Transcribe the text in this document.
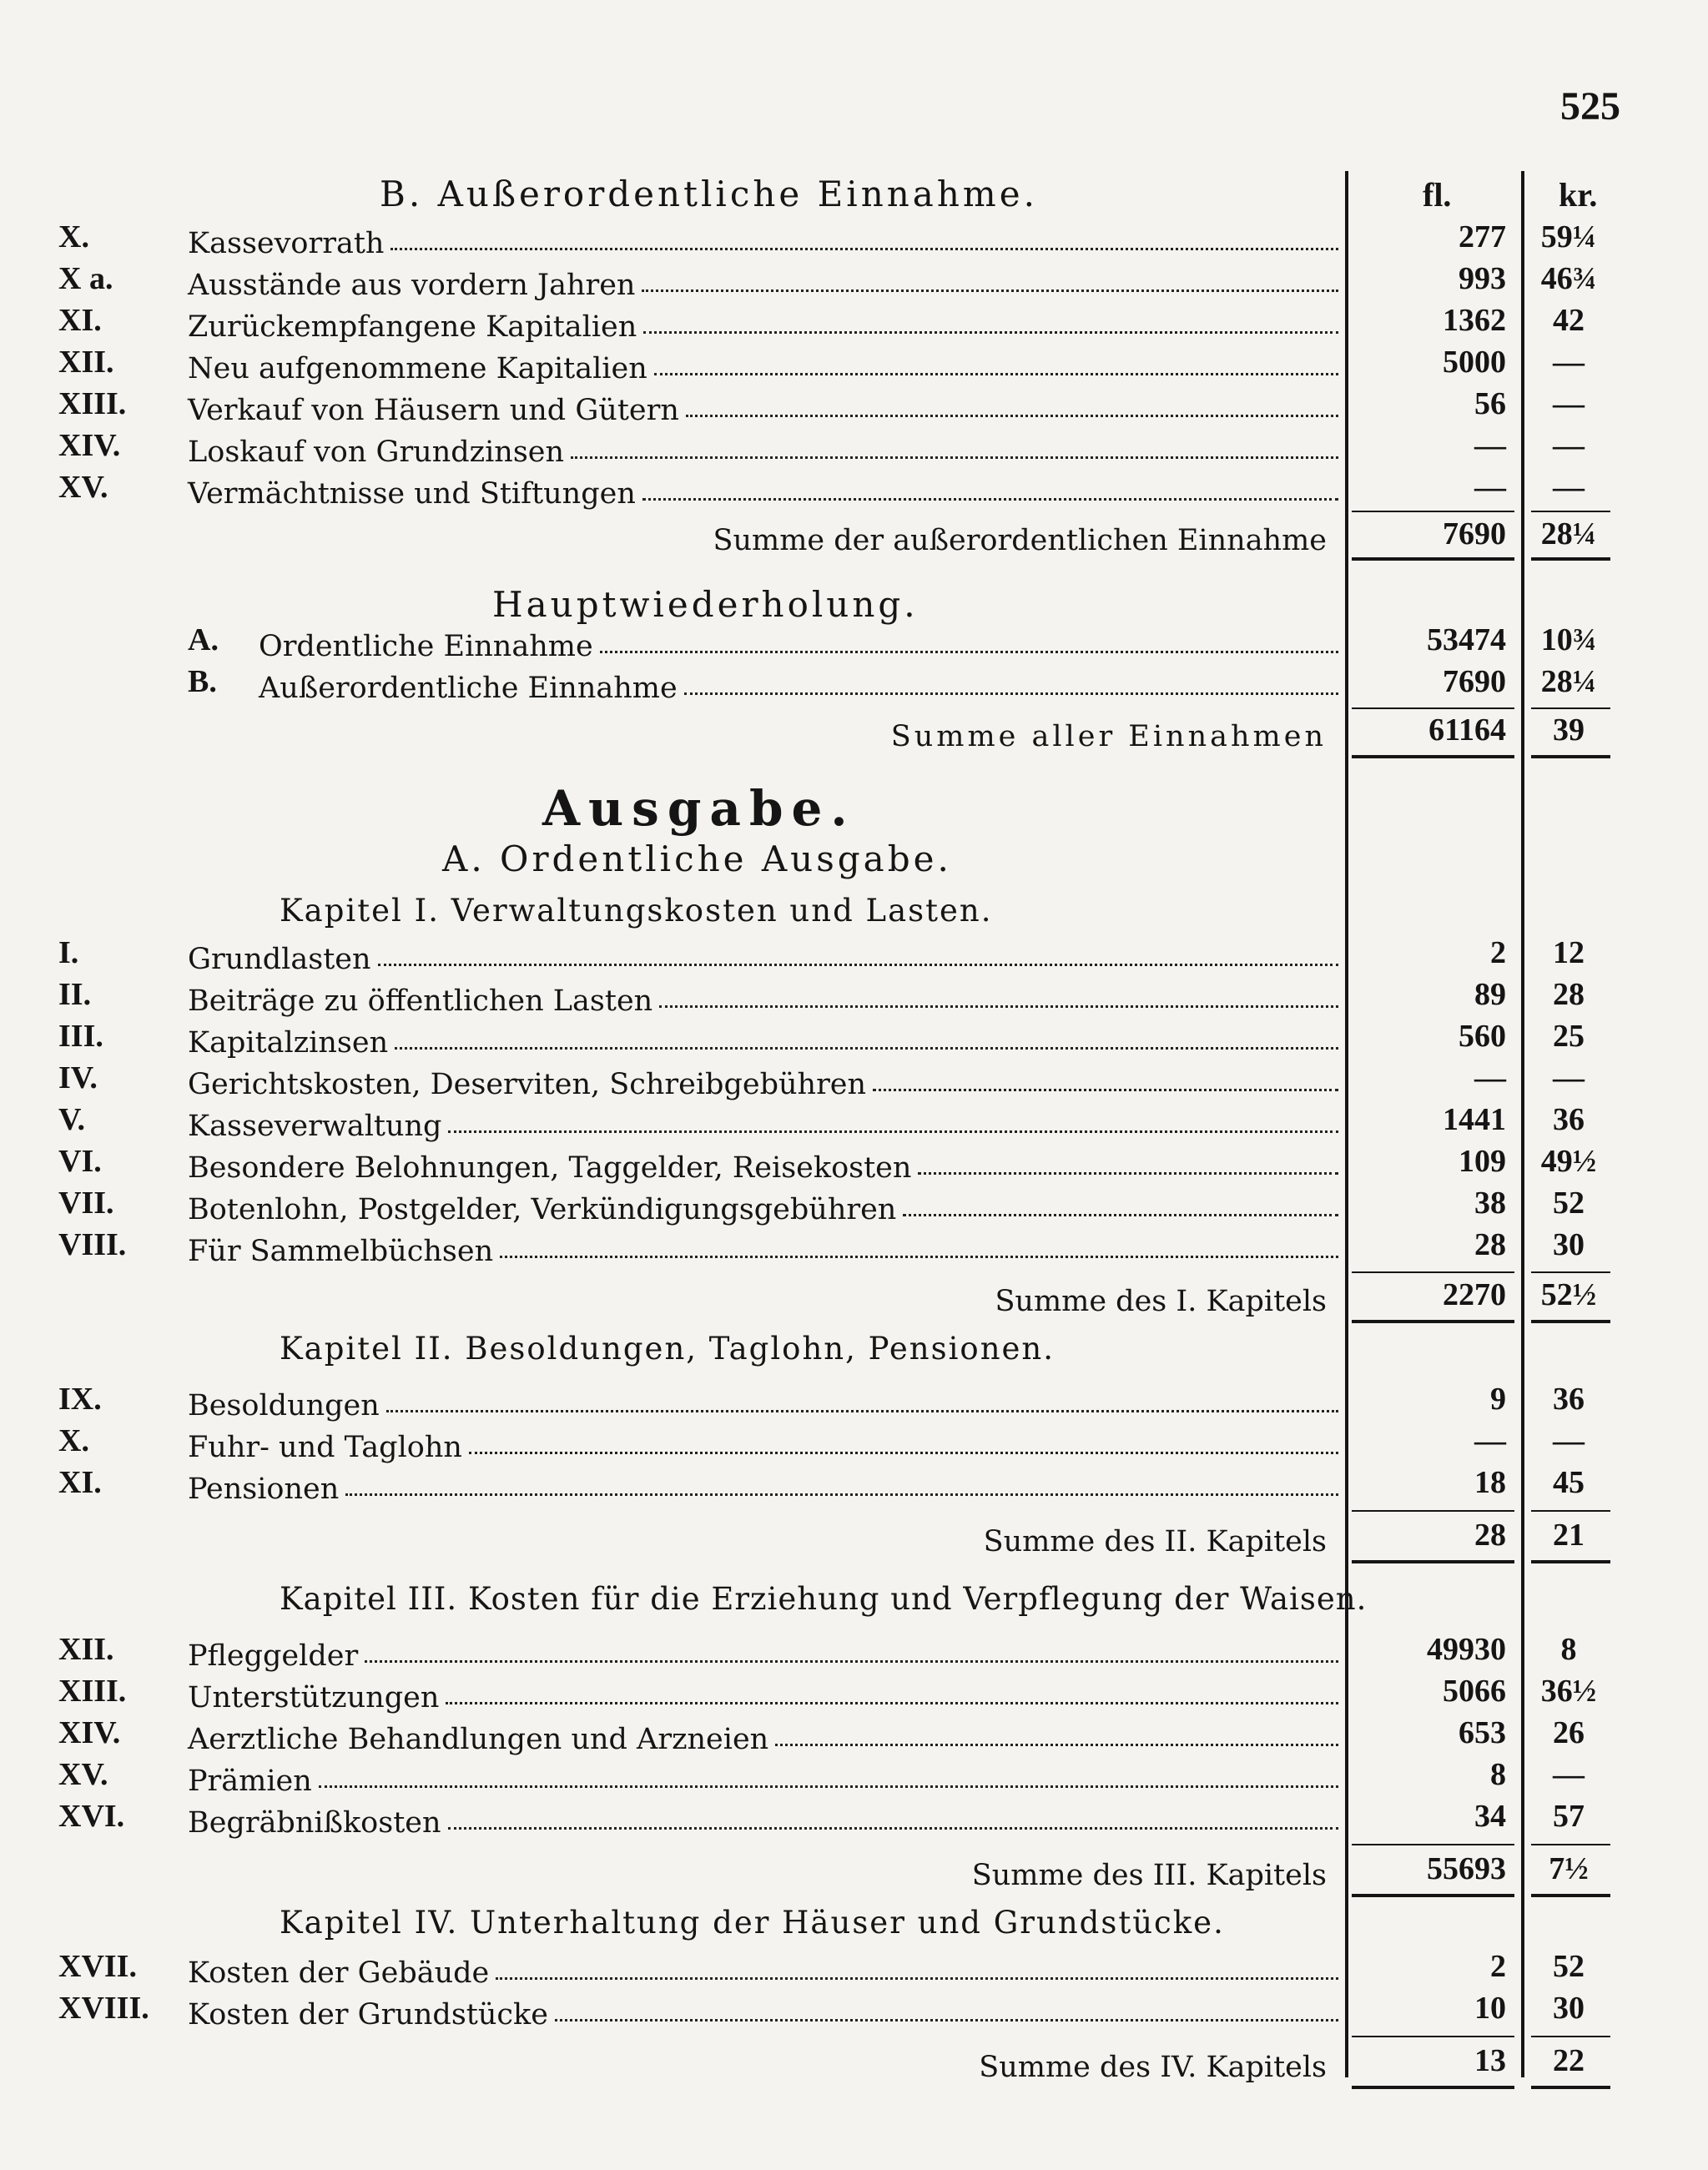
525
fl.	kr.
B. Außerordentliche Einnahme.
X.	Kassevorrath	277 59¼
X a.	Ausstände aus vordern Jahren	993 46¾
XI.	Zurückempfangene Kapitalien	1362	42
XII.	Neu aufgenommene Kapitalien	5000	—
XIII.	Verkauf von Häusern und Gütern	56	—
XIV.	Loskauf von Grundzinsen	—	—
XV.	Vermächtnisse und Stiftungen	—	—
Summe der außerordentlichen Einnahme	7690 28¼
Hauptwiederholung.
A.	Ordentliche Einnahme	53474 10¾
B.	Außerordentliche Einnahme	7690 28¼
Summe aller Einnahmen	61164	39
Ausgabe.
A. Ordentliche Ausgabe.
Kapitel I. Verwaltungskosten und Lasten.
I.	Grundlasten	2	12
II.	Beiträge zu öffentlichen Lasten	89	28
III.	Kapitalzinsen	560	25
IV.	Gerichtskosten, Deserviten, Schreibgebühren	—	—
V.	Kasseverwaltung	1441	36
VI.	Besondere Belohnungen, Taggelder, Reisekosten	109 49½
VII.	Botenlohn, Postgelder, Verkündigungsgebühren	38	52
VIII.	Für Sammelbüchsen	28	30
Summe des I. Kapitels	2270 52½
Kapitel II. Besoldungen, Taglohn, Pensionen.
IX.	Besoldungen	9	36
X.	Fuhr- und Taglohn	—	—
XI.	Pensionen	18	45
Summe des II. Kapitels	28	21
Kapitel III. Kosten für die Erziehung und Verpflegung der Waisen.
XII.	Pfleggelder	49930	8
XIII.	Unterstützungen	5066 36½
XIV.	Aerztliche Behandlungen und Arzneien	653	26
XV.	Prämien	8	—
XVI.	Begräbnißkosten	34	57
Summe des III. Kapitels	55693	7½
Kapitel IV. Unterhaltung der Häuser und Grundstücke.
XVII.	Kosten der Gebäude	2	52
XVIII.	Kosten der Grundstücke	10	30
Summe des IV. Kapitels	13	22
